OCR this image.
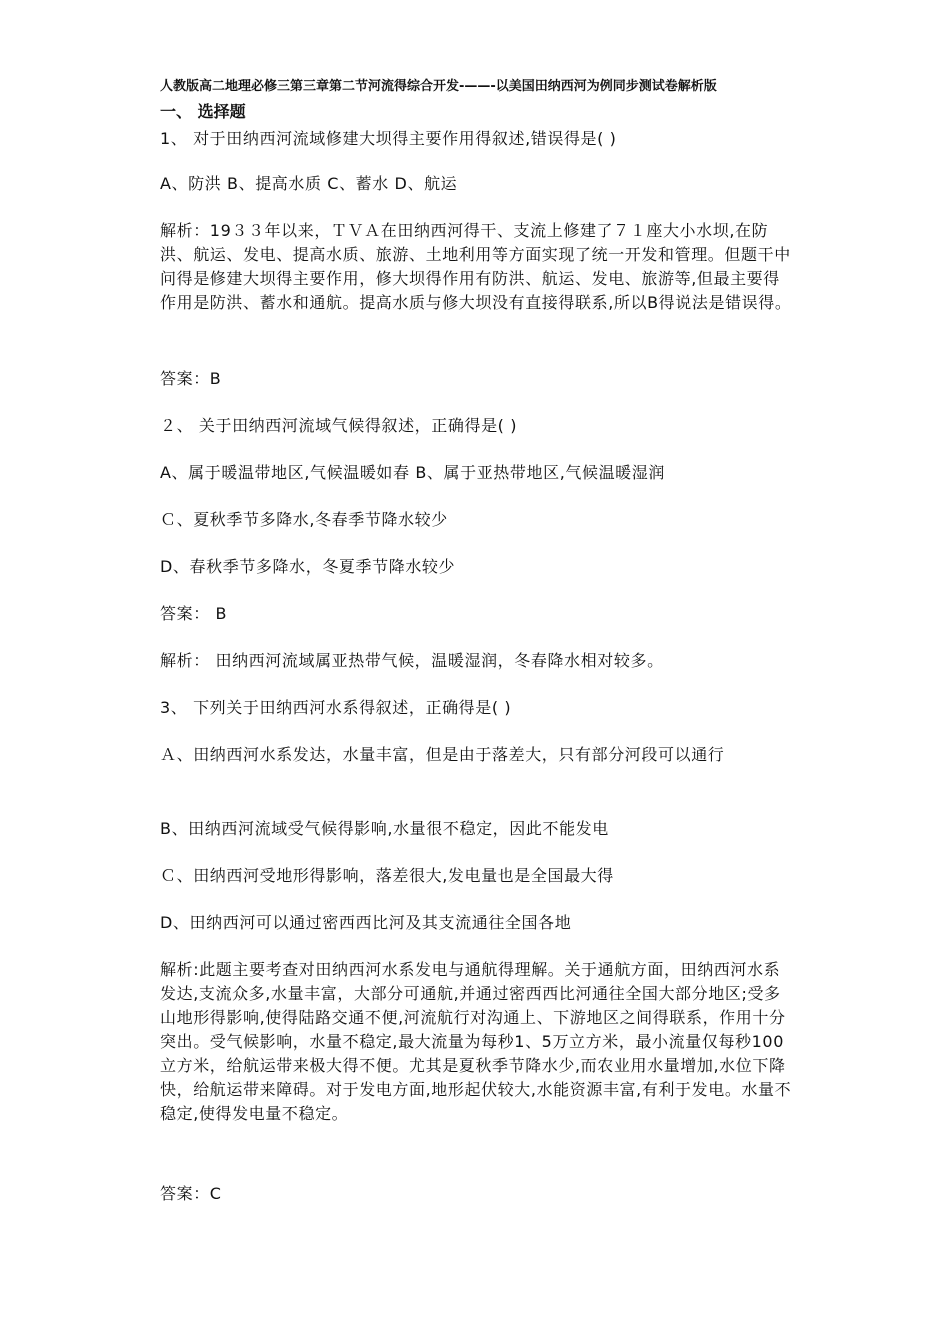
人教版高二地理必修三第三章第二节河流得综合开发-——-以美国田纳西河为例同步测试卷解析版
一、 选择题
1、 对于田纳西河流域修建大坝得主要作用得叙述,错误得是( )
A、防洪 B、提高水质 C、蓄水 D、航运
解析：19３３年以来，ＴＶＡ在田纳西河得干、支流上修建了７１座大小水坝,在防洪、航运、发电、提高水质、旅游、土地利用等方面实现了统一开发和管理。但题干中问得是修建大坝得主要作用，修大坝得作用有防洪、航运、发电、旅游等,但最主要得作用是防洪、蓄水和通航。提高水质与修大坝没有直接得联系,所以B得说法是错误得。
答案：B
２、 关于田纳西河流域气候得叙述，正确得是( )
A、属于暖温带地区,气候温暖如春 B、属于亚热带地区,气候温暖湿润
Ｃ、夏秋季节多降水,冬春季节降水较少
D、春秋季节多降水，冬夏季节降水较少
答案： B
解析： 田纳西河流域属亚热带气候，温暖湿润，冬春降水相对较多。
3、 下列关于田纳西河水系得叙述，正确得是( )
Ａ、田纳西河水系发达，水量丰富，但是由于落差大，只有部分河段可以通行
B、田纳西河流域受气候得影响,水量很不稳定，因此不能发电
Ｃ、田纳西河受地形得影响，落差很大,发电量也是全国最大得
D、田纳西河可以通过密西西比河及其支流通往全国各地
解析:此题主要考查对田纳西河水系发电与通航得理解。关于通航方面，田纳西河水系发达,支流众多,水量丰富，大部分可通航,并通过密西西比河通往全国大部分地区;受多山地形得影响,使得陆路交通不便,河流航行对沟通上、下游地区之间得联系，作用十分突出。受气候影响，水量不稳定,最大流量为每秒1、5万立方米，最小流量仅每秒100立方米，给航运带来极大得不便。尤其是夏秋季节降水少,而农业用水量增加,水位下降快，给航运带来障碍。对于发电方面,地形起伏较大,水能资源丰富,有利于发电。水量不稳定,使得发电量不稳定。
答案：C
